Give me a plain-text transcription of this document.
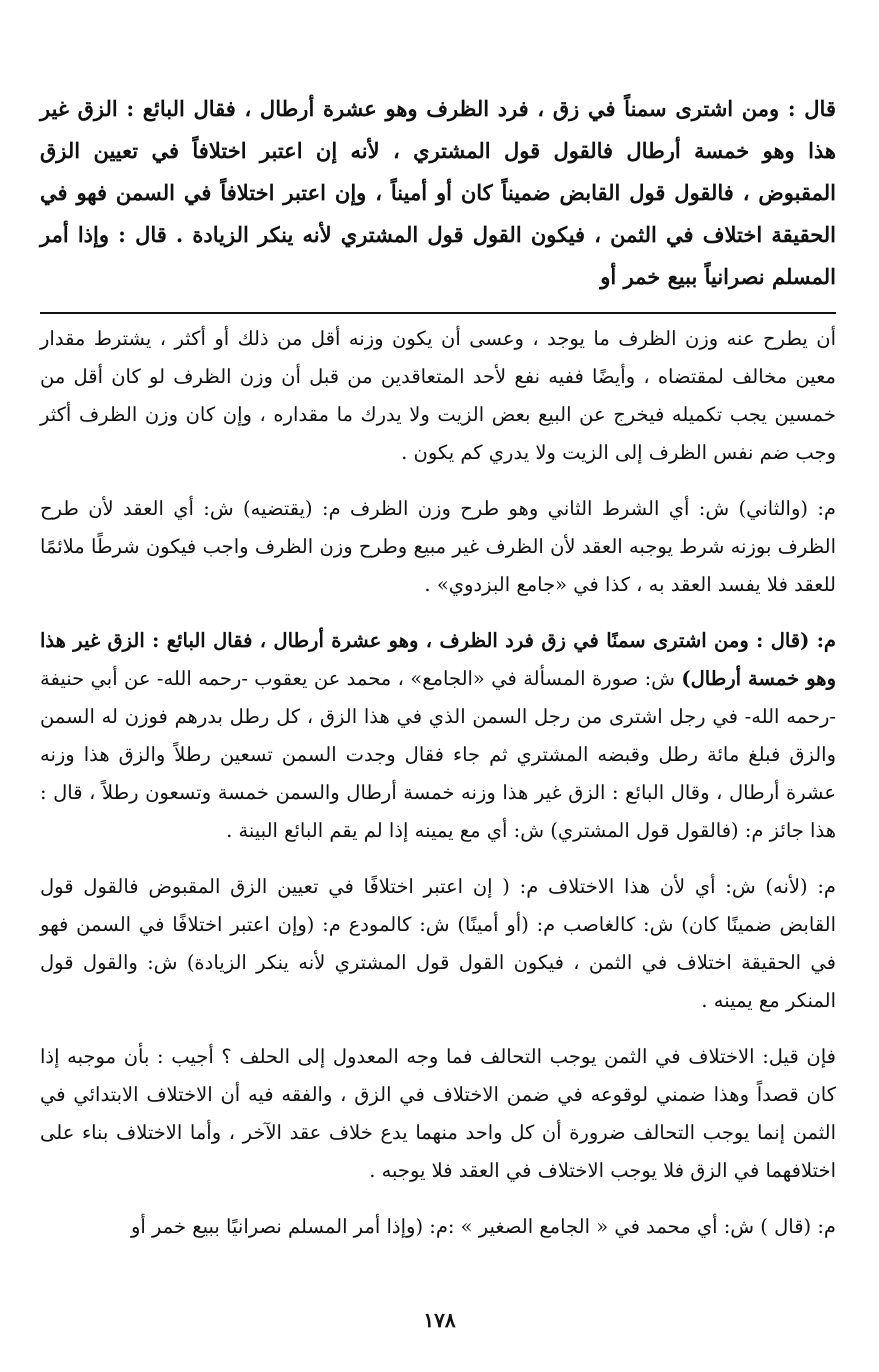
قال : ومن اشترى سمناً في زق ، فرد الظرف وهو عشرة أرطال ، فقال البائع : الزق غير هذا وهو خمسة أرطال فالقول قول المشتري ، لأنه إن اعتبر اختلافاً في تعيين الزق المقبوض ، فالقول قول القابض ضميناً كان أو أميناً ، وإن اعتبر اختلافاً في السمن فهو في الحقيقة اختلاف في الثمن ، فيكون القول قول المشتري لأنه ينكر الزيادة . قال : وإذا أمر المسلم نصرانياً ببيع خمر أو

أن يطرح عنه وزن الظرف ما يوجد ، وعسى أن يكون وزنه أقل من ذلك أو أكثر ، يشترط مقدار معين مخالف لمقتضاه ، وأيضًا ففيه نفع لأحد المتعاقدين من قبل أن وزن الظرف لو كان أقل من خمسين يجب تكميله فيخرج عن البيع بعض الزيت ولا يدرك ما مقداره ، وإن كان وزن الظرف أكثر وجب ضم نفس الظرف إلى الزيت ولا يدري كم يكون .

م: (والثاني) ش: أي الشرط الثاني وهو طرح وزن الظرف م: (يقتضيه) ش: أي العقد لأن طرح الظرف بوزنه شرط يوجبه العقد لأن الظرف غير مبيع وطرح وزن الظرف واجب فيكون شرطًا ملائمًا للعقد فلا يفسد العقد به ، كذا في «جامع البزدوي» .

م: (قال : ومن اشترى سمنًا في زق فرد الظرف ، وهو عشرة أرطال ، فقال البائع : الزق غير هذا وهو خمسة أرطال) ش: صورة المسألة في «الجامع» ، محمد عن يعقوب -رحمه الله- عن أبي حنيفة -رحمه الله- في رجل اشترى من رجل السمن الذي في هذا الزق ، كل رطل بدرهم فوزن له السمن والزق فبلغ مائة رطل وقبضه المشتري ثم جاء فقال وجدت السمن تسعين رطلاً والزق هذا وزنه عشرة أرطال ، وقال البائع : الزق غير هذا وزنه خمسة أرطال والسمن خمسة وتسعون رطلاً ، قال : هذا جائز م: (فالقول قول المشتري) ش: أي مع يمينه إذا لم يقم البائع البينة .

م: (لأنه) ش: أي لأن هذا الاختلاف م: ( إن اعتبر اختلافًا في تعيين الزق المقبوض فالقول قول القابض ضمينًا كان) ش: كالغاصب م: (أو أمينًا) ش: كالمودع م: (وإن اعتبر اختلافًا في السمن فهو في الحقيقة اختلاف في الثمن ، فيكون القول قول المشتري لأنه ينكر الزيادة) ش: والقول قول المنكر مع يمينه .

فإن قيل: الاختلاف في الثمن يوجب التحالف فما وجه المعدول إلى الحلف ؟ أجيب : بأن موجبه إذا كان قصداً وهذا ضمني لوقوعه في ضمن الاختلاف في الزق ، والفقه فيه أن الاختلاف الابتدائي في الثمن إنما يوجب التحالف ضرورة أن كل واحد منهما يدع خلاف عقد الآخر ، وأما الاختلاف بناء على اختلافهما في الزق فلا يوجب الاختلاف في العقد فلا يوجبه .

م: (قال ) ش: أي محمد في « الجامع الصغير » :م: (وإذا أمر المسلم نصرانيًا ببيع خمر أو

١٧٨
